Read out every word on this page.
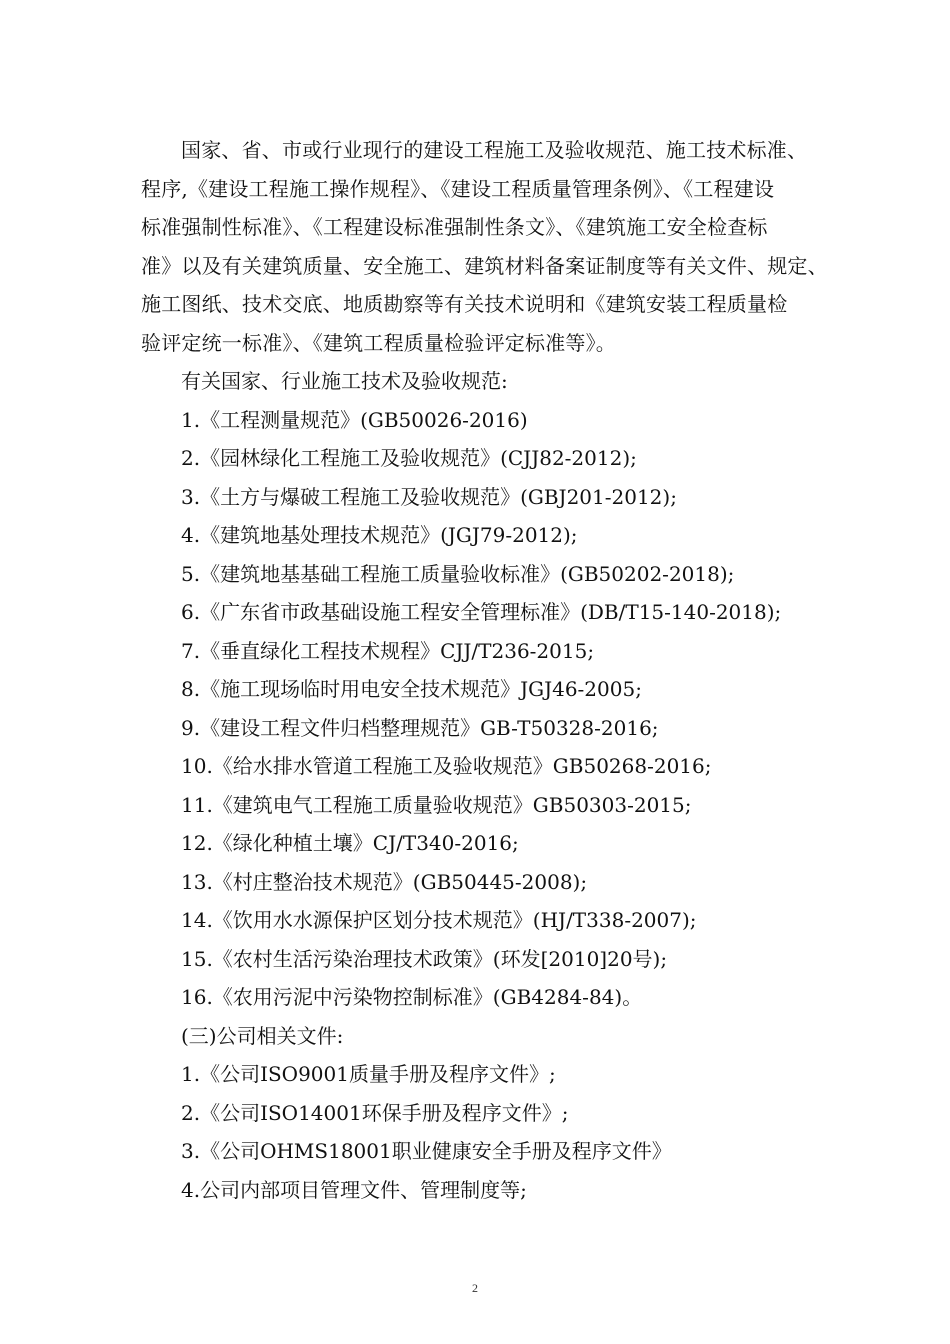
国家、省、市或行业现行的建设工程施工及验收规范、施工技术标准、
程序,《建设工程施工操作规程》、《建设工程质量管理条例》、《工程建设
标准强制性标准》、《工程建设标准强制性条文》、《建筑施工安全检查标
准》以及有关建筑质量、安全施工、建筑材料备案证制度等有关文件、规定、
施工图纸、技术交底、地质勘察等有关技术说明和《建筑安装工程质量检
验评定统一标准》、《建筑工程质量检验评定标准等》。
有关国家、行业施工技术及验收规范:
1.《工程测量规范》(GB50026-2016)
2.《园林绿化工程施工及验收规范》(CJJ82-2012);
3.《土方与爆破工程施工及验收规范》(GBJ201-2012);
4.《建筑地基处理技术规范》(JGJ79-2012);
5.《建筑地基基础工程施工质量验收标准》(GB50202-2018);
6.《广东省市政基础设施工程安全管理标准》(DB/T15-140-2018);
7.《垂直绿化工程技术规程》CJJ/T236-2015;
8.《施工现场临时用电安全技术规范》JGJ46-2005;
9.《建设工程文件归档整理规范》GB-T50328-2016;
10.《给水排水管道工程施工及验收规范》GB50268-2016;
11.《建筑电气工程施工质量验收规范》GB50303-2015;
12.《绿化种植土壤》CJ/T340-2016;
13.《村庄整治技术规范》(GB50445-2008);
14.《饮用水水源保护区划分技术规范》(HJ/T338-2007);
15.《农村生活污染治理技术政策》(环发[2010]20号);
16.《农用污泥中污染物控制标准》(GB4284-84)。
(三)公司相关文件:
1.《公司ISO9001质量手册及程序文件》;
2.《公司ISO14001环保手册及程序文件》;
3.《公司OHMS18001职业健康安全手册及程序文件》
4.公司内部项目管理文件、管理制度等;
2
